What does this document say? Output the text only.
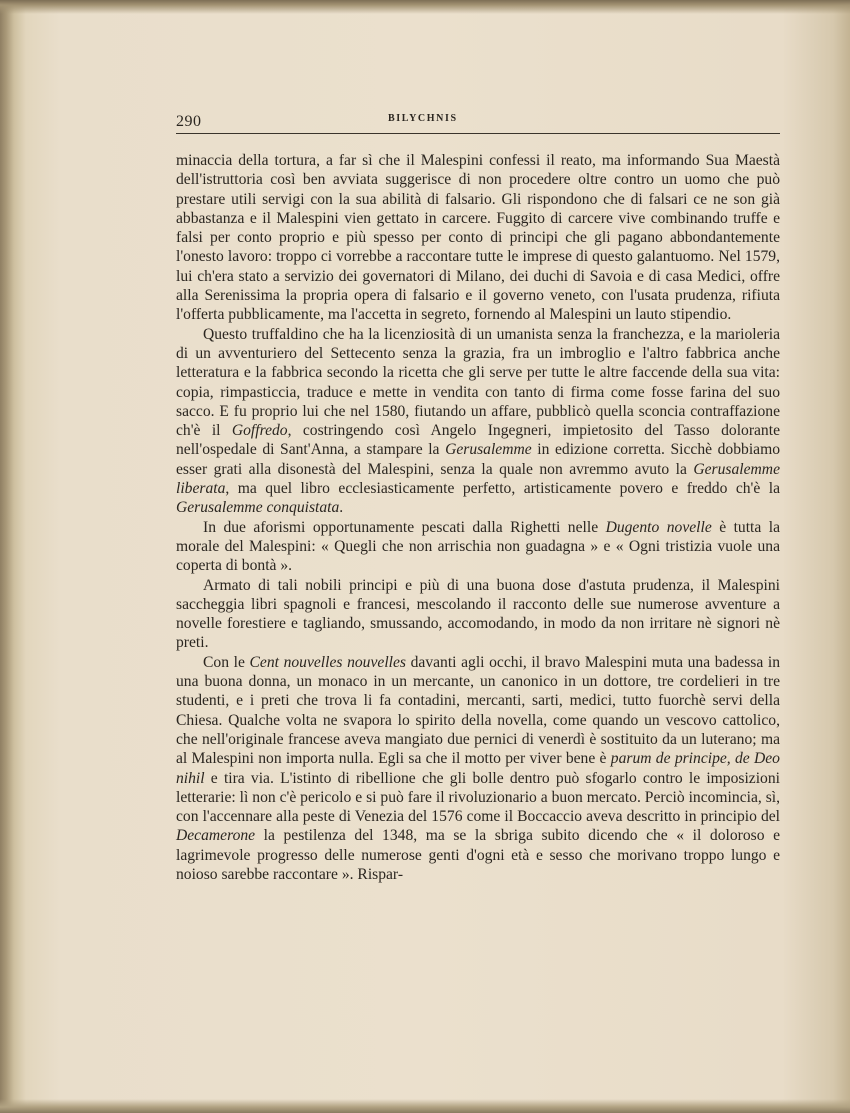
290	BILYCHNIS

minaccia della tortura, a far sì che il Malespini confessi il reato, ma informando Sua Maestà dell'istruttoria così ben avviata suggerisce di non procedere oltre contro un uomo che può prestare utili servigi con la sua abilità di falsario. Gli rispondono che di falsari ce ne son già abbastanza e il Malespini vien gettato in carcere. Fuggito di carcere vive combinando truffe e falsi per conto proprio e più spesso per conto di principi che gli pagano abbondantemente l'onesto lavoro: troppo ci vorrebbe a raccontare tutte le imprese di questo galantuomo. Nel 1579, lui ch'era stato a servizio dei governatori di Milano, dei duchi di Savoia e di casa Medici, offre alla Serenissima la propria opera di falsario e il governo veneto, con l'usata prudenza, rifiuta l'offerta pubblicamente, ma l'accetta in segreto, fornendo al Malespini un lauto stipendio.

Questo truffaldino che ha la licenziosità di un umanista senza la franchezza, e la marioleria di un avventuriero del Settecento senza la grazia, fra un imbroglio e l'altro fabbrica anche letteratura e la fabbrica secondo la ricetta che gli serve per tutte le altre faccende della sua vita: copia, rimpasticcia, traduce e mette in vendita con tanto di firma come fosse farina del suo sacco. E fu proprio lui che nel 1580, fiutando un affare, pubblicò quella sconcia contraffazione ch'è il Goffredo, costringendo così Angelo Ingegneri, impietosito del Tasso dolorante nell'ospedale di Sant'Anna, a stampare la Gerusalemme in edizione corretta. Sicchè dobbiamo esser grati alla disonestà del Malespini, senza la quale non avremmo avuto la Gerusalemme liberata, ma quel libro ecclesiasticamente perfetto, artisticamente povero e freddo ch'è la Gerusalemme conquistata.

In due aforismi opportunamente pescati dalla Righetti nelle Dugento novelle è tutta la morale del Malespini: « Quegli che non arrischia non guadagna » e « Ogni tristizia vuole una coperta di bontà ».

Armato di tali nobili principi e più di una buona dose d'astuta prudenza, il Malespini saccheggia libri spagnoli e francesi, mescolando il racconto delle sue numerose avventure a novelle forestiere e tagliando, smussando, accomodando, in modo da non irritare nè signori nè preti.

Con le Cent nouvelles nouvelles davanti agli occhi, il bravo Malespini muta una badessa in una buona donna, un monaco in un mercante, un canonico in un dottore, tre cordelieri in tre studenti, e i preti che trova li fa contadini, mercanti, sarti, medici, tutto fuorchè servi della Chiesa. Qualche volta ne svapora lo spirito della novella, come quando un vescovo cattolico, che nell'originale francese aveva mangiato due pernici di venerdì è sostituito da un luterano; ma al Malespini non importa nulla. Egli sa che il motto per viver bene è parum de principe, de Deo nihil e tira via. L'istinto di ribellione che gli bolle dentro può sfogarlo contro le imposizioni letterarie: lì non c'è pericolo e si può fare il rivoluzionario a buon mercato. Perciò incomincia, sì, con l'accennare alla peste di Venezia del 1576 come il Boccaccio aveva descritto in principio del Decamerone la pestilenza del 1348, ma se la sbriga subito dicendo che « il doloroso e lagrimevole progresso delle numerose genti d'ogni età e sesso che morivano troppo lungo e noioso sarebbe raccontare ». Rispar-
